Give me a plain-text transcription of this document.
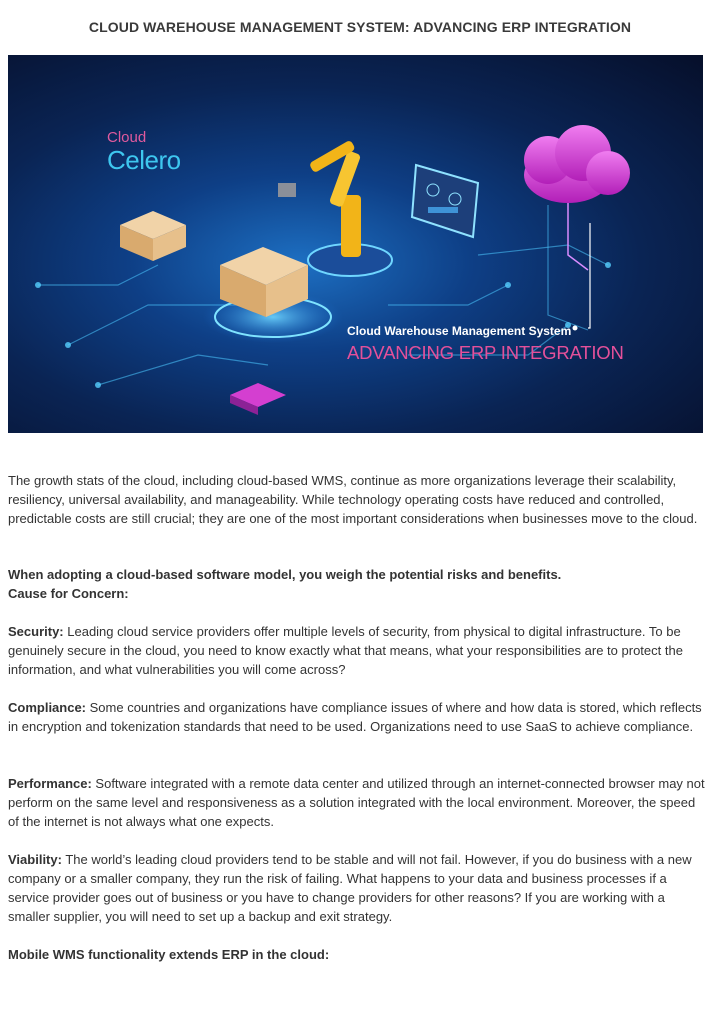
CLOUD WAREHOUSE MANAGEMENT SYSTEM: ADVANCING ERP INTEGRATION
Cloud
Celero
Cloud Warehouse Management System
ADVANCING ERP INTEGRATION

The growth stats of the cloud, including cloud-based WMS, continue as more organizations leverage their scalability, resiliency, universal availability, and manageability. While technology operating costs have reduced and controlled, predictable costs are still crucial; they are one of the most important considerations when businesses move to the cloud.

When adopting a cloud-based software model, you weigh the potential risks and benefits.
Cause for Concern:

Security: Leading cloud service providers offer multiple levels of security, from physical to digital infrastructure. To be genuinely secure in the cloud, you need to know exactly what that means, what your responsibilities are to protect the information, and what vulnerabilities you will come across?

Compliance: Some countries and organizations have compliance issues of where and how data is stored, which reflects in encryption and tokenization standards that need to be used. Organizations need to use SaaS to achieve compliance.

Performance: Software integrated with a remote data center and utilized through an internet-connected browser may not perform on the same level and responsiveness as a solution integrated with the local environment. Moreover, the speed of the internet is not always what one expects.

Viability: The world’s leading cloud providers tend to be stable and will not fail. However, if you do business with a new company or a smaller company, they run the risk of failing. What happens to your data and business processes if a service provider goes out of business or you have to change providers for other reasons? If you are working with a smaller supplier, you will need to set up a backup and exit strategy.

Mobile WMS functionality extends ERP in the cloud:
